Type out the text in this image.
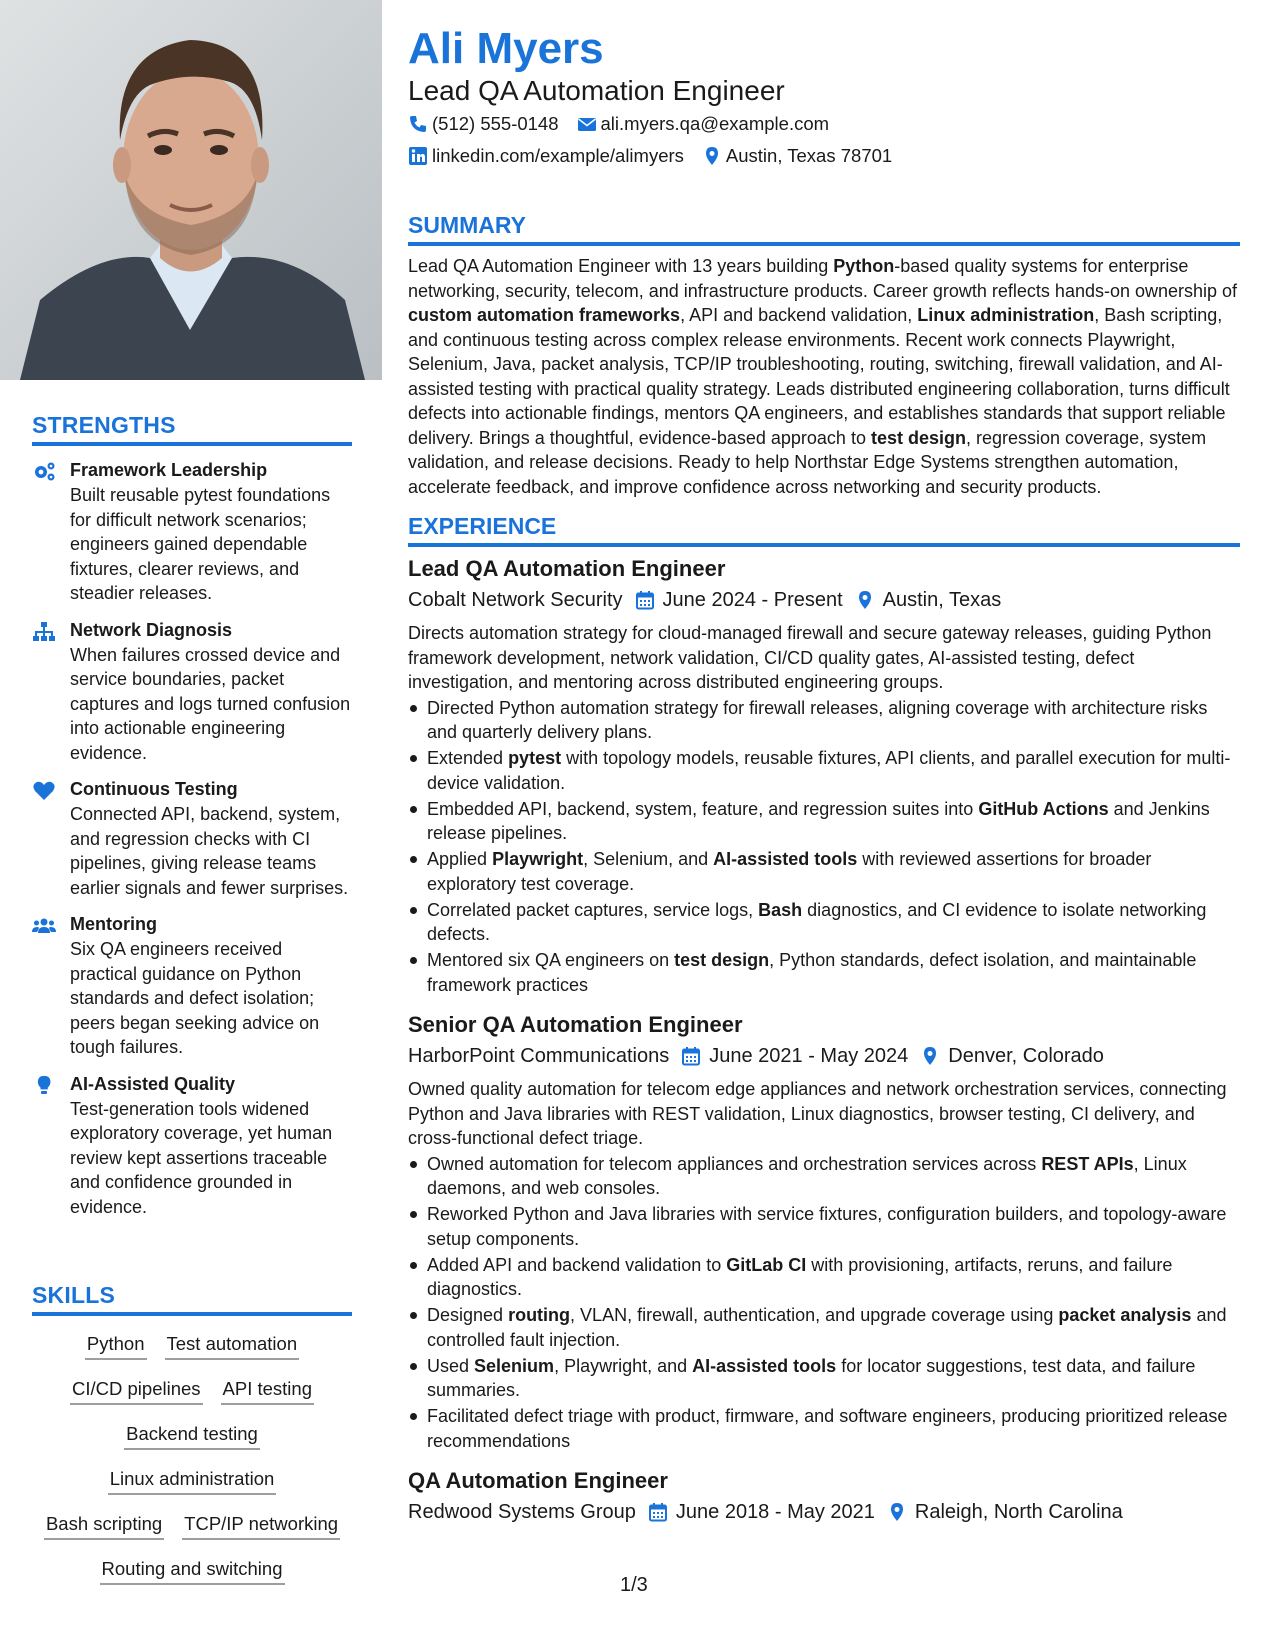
STRENGTHS
Framework Leadership
Built reusable pytest foundations for difficult network scenarios; engineers gained dependable fixtures, clearer reviews, and steadier releases.
Network Diagnosis
When failures crossed device and service boundaries, packet captures and logs turned confusion into actionable engineering evidence.
Continuous Testing
Connected API, backend, system, and regression checks with CI pipelines, giving release teams earlier signals and fewer surprises.
Mentoring
Six QA engineers received practical guidance on Python standards and defect isolation; peers began seeking advice on tough failures.
AI-Assisted Quality
Test-generation tools widened exploratory coverage, yet human review kept assertions traceable and confidence grounded in evidence.
SKILLS
Python Test automation
CI/CD pipelines API testing
Backend testing
Linux administration
Bash scripting TCP/IP networking
Routing and switching
Ali Myers
Lead QA Automation Engineer
(512) 555-0148 ali.myers.qa@example.com
linkedin.com/example/alimyers Austin, Texas 78701
SUMMARY
Lead QA Automation Engineer with 13 years building Python-based quality systems for enterprise networking, security, telecom, and infrastructure products. Career growth reflects hands-on ownership of custom automation frameworks, API and backend validation, Linux administration, Bash scripting, and continuous testing across complex release environments. Recent work connects Playwright, Selenium, Java, packet analysis, TCP/IP troubleshooting, routing, switching, firewall validation, and AI-assisted testing with practical quality strategy. Leads distributed engineering collaboration, turns difficult defects into actionable findings, mentors QA engineers, and establishes standards that support reliable delivery. Brings a thoughtful, evidence-based approach to test design, regression coverage, system validation, and release decisions. Ready to help Northstar Edge Systems strengthen automation, accelerate feedback, and improve confidence across networking and security products.
EXPERIENCE
Lead QA Automation Engineer
Cobalt Network Security June 2024 - Present Austin, Texas
Directs automation strategy for cloud-managed firewall and secure gateway releases, guiding Python framework development, network validation, CI/CD quality gates, AI-assisted testing, defect investigation, and mentoring across distributed engineering groups.
Directed Python automation strategy for firewall releases, aligning coverage with architecture risks and quarterly delivery plans.
Extended pytest with topology models, reusable fixtures, API clients, and parallel execution for multi-device validation.
Embedded API, backend, system, feature, and regression suites into GitHub Actions and Jenkins release pipelines.
Applied Playwright, Selenium, and AI-assisted tools with reviewed assertions for broader exploratory test coverage.
Correlated packet captures, service logs, Bash diagnostics, and CI evidence to isolate networking defects.
Mentored six QA engineers on test design, Python standards, defect isolation, and maintainable framework practices
Senior QA Automation Engineer
HarborPoint Communications June 2021 - May 2024 Denver, Colorado
Owned quality automation for telecom edge appliances and network orchestration services, connecting Python and Java libraries with REST validation, Linux diagnostics, browser testing, CI delivery, and cross-functional defect triage.
Owned automation for telecom appliances and orchestration services across REST APIs, Linux daemons, and web consoles.
Reworked Python and Java libraries with service fixtures, configuration builders, and topology-aware setup components.
Added API and backend validation to GitLab CI with provisioning, artifacts, reruns, and failure diagnostics.
Designed routing, VLAN, firewall, authentication, and upgrade coverage using packet analysis and controlled fault injection.
Used Selenium, Playwright, and AI-assisted tools for locator suggestions, test data, and failure summaries.
Facilitated defect triage with product, firmware, and software engineers, producing prioritized release recommendations
QA Automation Engineer
Redwood Systems Group June 2018 - May 2021 Raleigh, North Carolina
1/3
